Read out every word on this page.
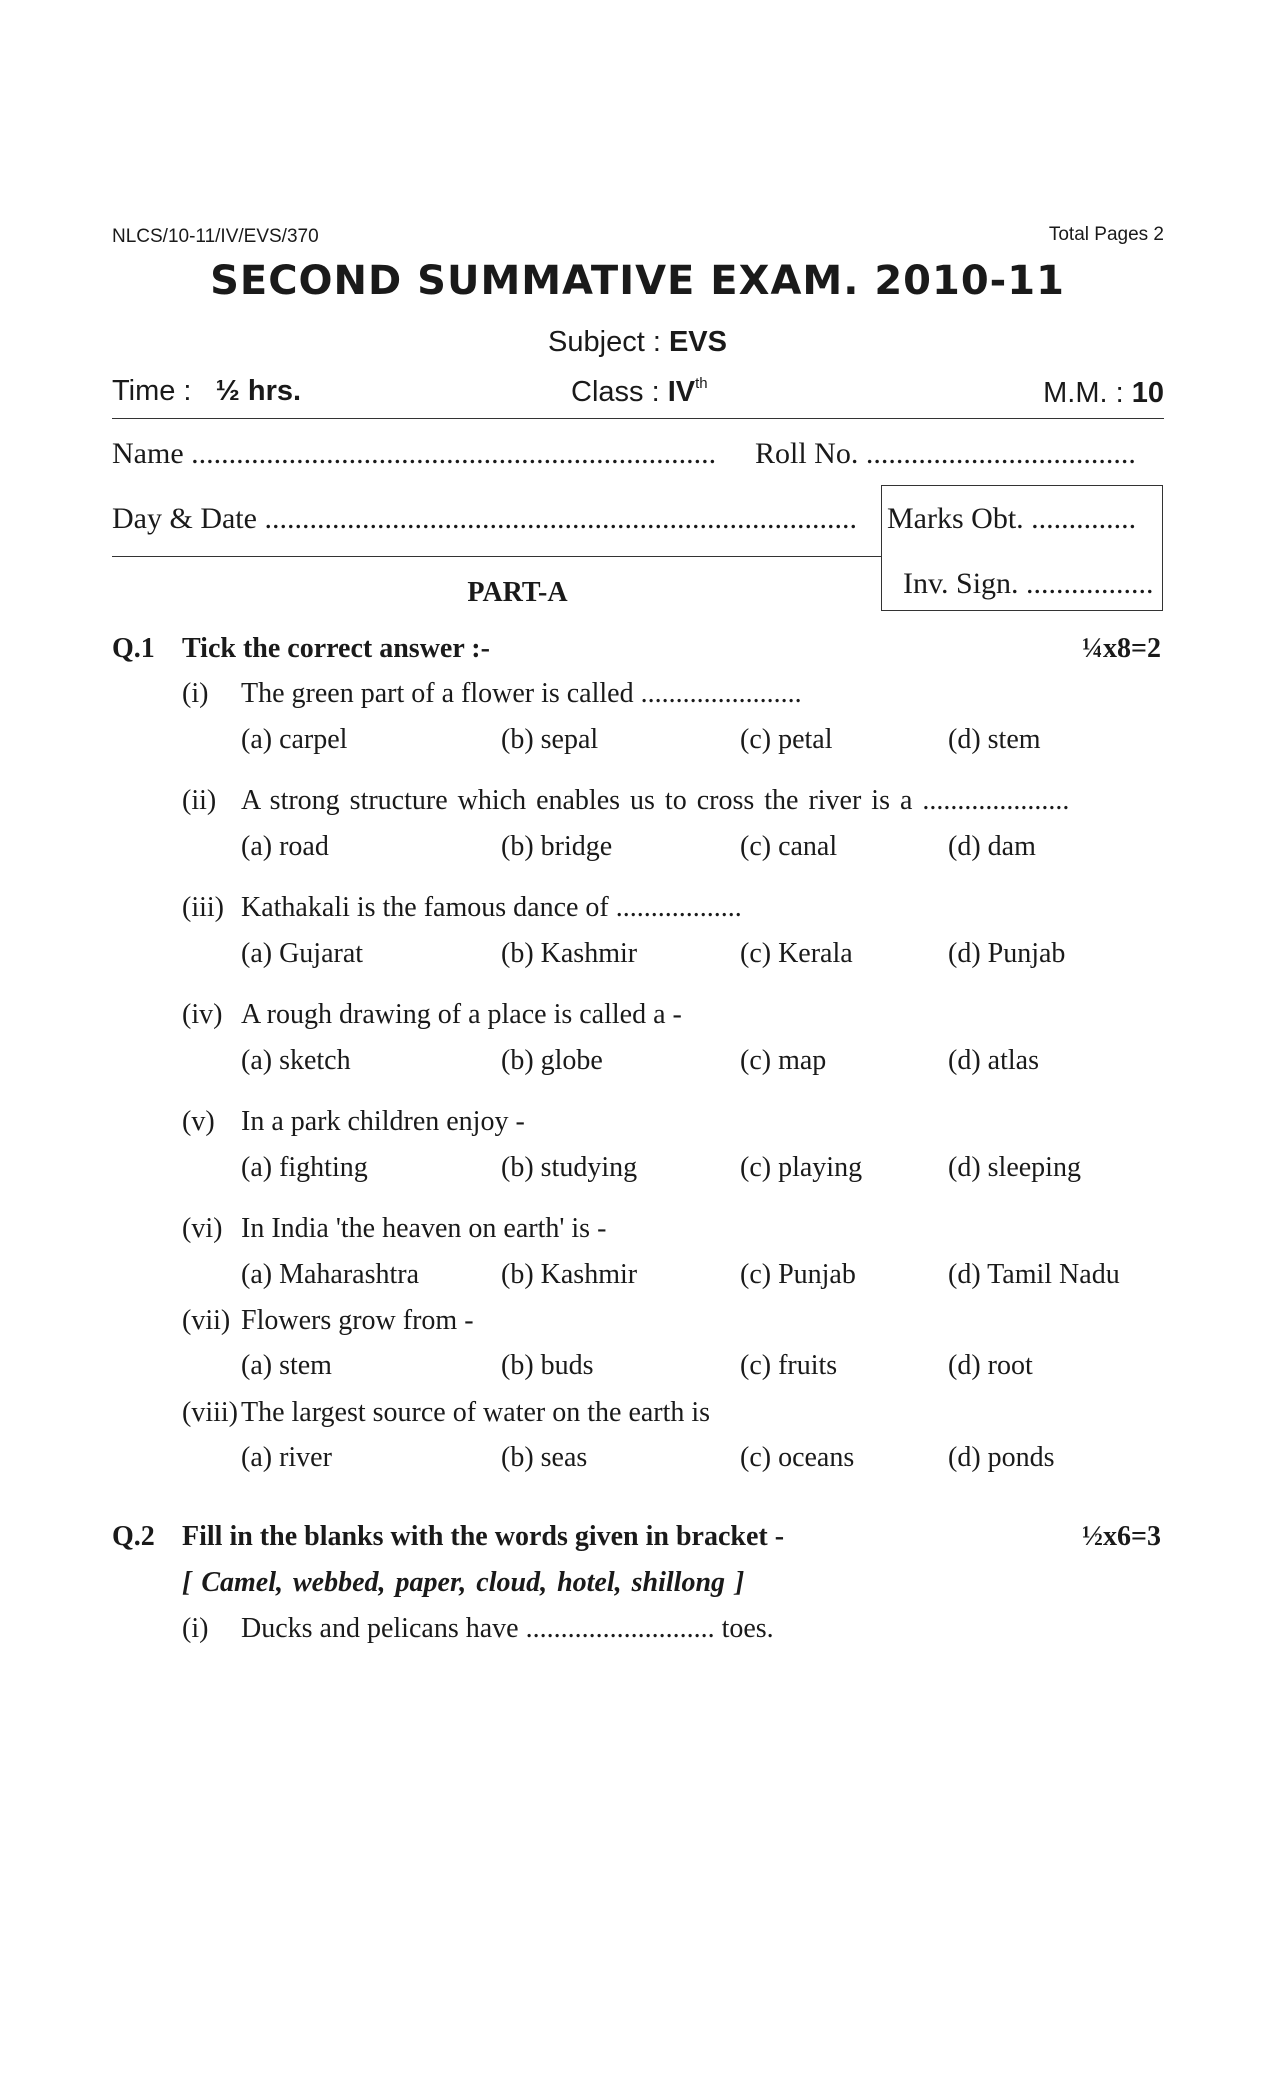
NLCS/10-11/IV/EVS/370	Total Pages 2
SECOND SUMMATIVE EXAM. 2010-11
Subject : EVS
Time :   ½ hrs.	Class : IVth	M.M. : 10
Name ...................................................................... Roll No. ....................................
Day & Date ............................................................................... Marks Obt. ..............
Inv. Sign. .................
PART-A
Q.1 Tick the correct answer :-	¼x8=2
(i) The green part of a flower is called .......................
(a) carpel	(b) sepal	(c) petal	(d) stem
(ii) A strong structure which enables us to cross the river is a .....................
(a) road	(b) bridge	(c) canal	(d) dam
(iii) Kathakali is the famous dance of ..................
(a) Gujarat	(b) Kashmir	(c) Kerala	(d) Punjab
(iv) A rough drawing of a place is called a -
(a) sketch	(b) globe	(c) map	(d) atlas
(v) In a park children enjoy -
(a) fighting	(b) studying	(c) playing	(d) sleeping
(vi) In India 'the heaven on earth' is -
(a) Maharashtra	(b) Kashmir	(c) Punjab	(d) Tamil Nadu
(vii) Flowers grow from -
(a) stem	(b) buds	(c) fruits	(d) root
(viii) The largest source of water on the earth is
(a) river	(b) seas	(c) oceans	(d) ponds
Q.2 Fill in the blanks with the words given in bracket -	½x6=3
[ Camel, webbed, paper, cloud, hotel, shillong ]
(i) Ducks and pelicans have ........................... toes.
